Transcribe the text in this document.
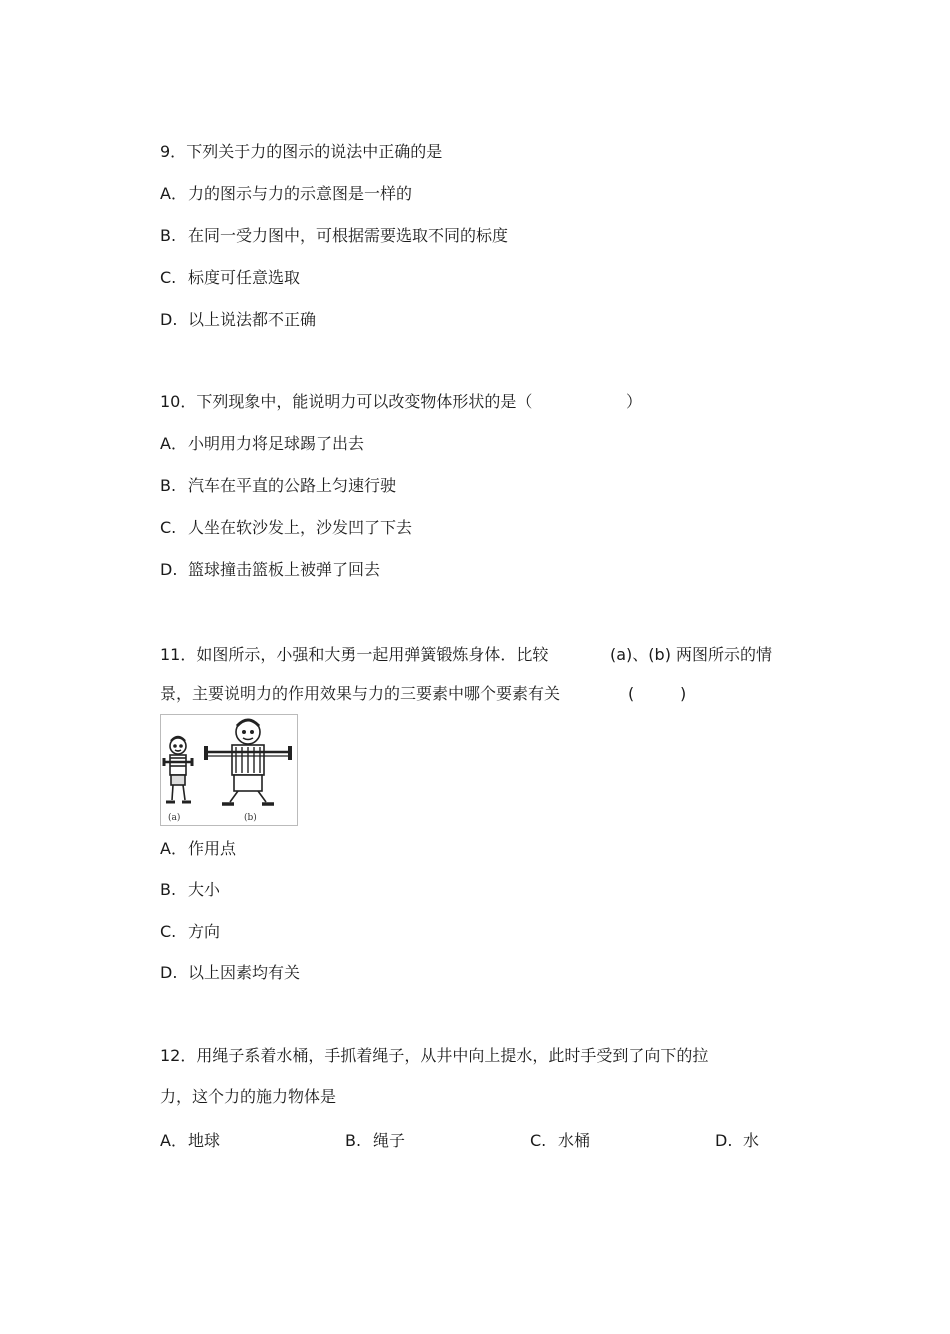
9．下列关于力的图示的说法中正确的是
A．力的图示与力的示意图是一样的
B. 在同一受力图中，可根据需要选取不同的标度
C. 标度可任意选取
D. 以上说法都不正确
10．下列现象中，能说明力可以改变物体形状的是（	）
A．小明用力将足球踢了出去
B. 汽车在平直的公路上匀速行驶
C. 人坐在软沙发上，沙发凹了下去
D. 篮球撞击篮板上被弹了回去
11．如图所示，小强和大勇一起用弹簧锻炼身体．比较	(a)、(b) 两图所示的情
景，主要说明力的作用效果与力的三要素中哪个要素有关	(	)
(a)	(b)
A．作用点
B. 大小
C. 方向
D. 以上因素均有关
12．用绳子系着水桶，手抓着绳子，从井中向上提水，此时手受到了向下的拉
力，这个力的施力物体是
A．地球	B. 绳子	C. 水桶	D. 水
